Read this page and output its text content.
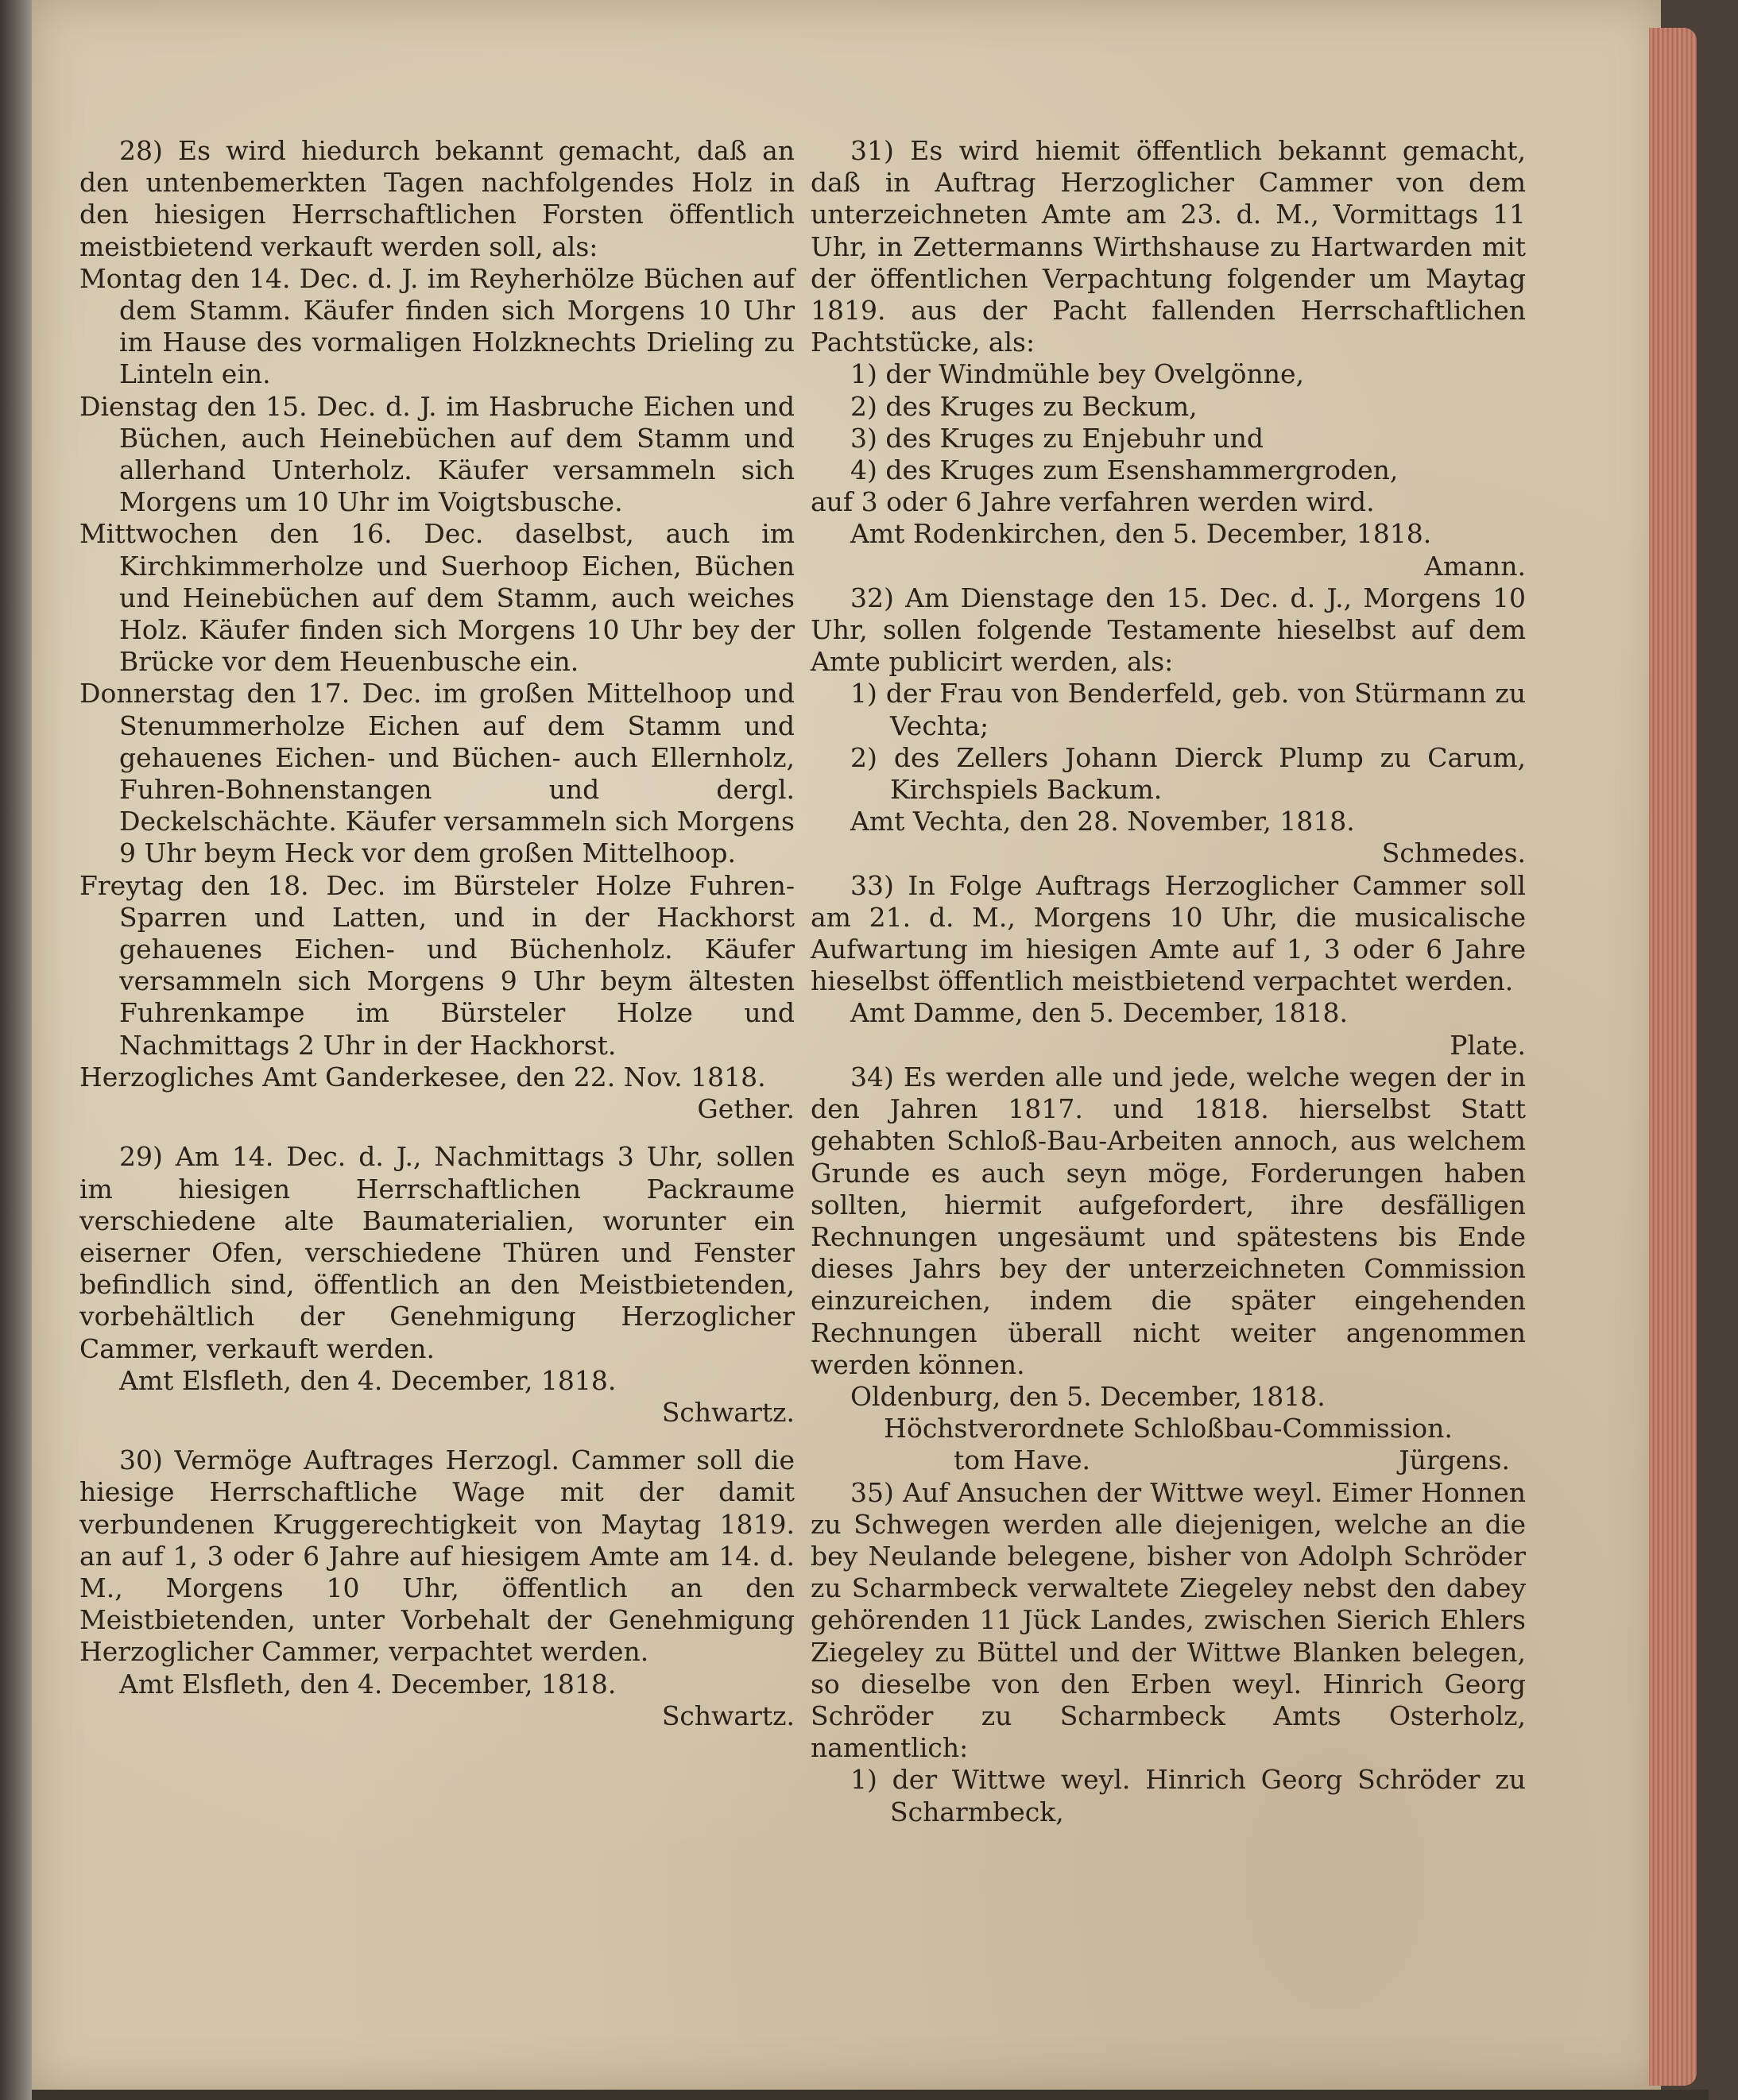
28) Es wird hiedurch bekannt gemacht, daß an den untenbemerkten Tagen nachfolgendes Holz in den hiesigen Herrschaftlichen Forsten öffentlich meistbietend verkauft werden soll, als:

Montag den 14. Dec. d. J. im Reyherhölze Büchen auf dem Stamm. Käufer finden sich Morgens 10 Uhr im Hause des vormaligen Holzknechts Drieling zu Linteln ein.

Dienstag den 15. Dec. d. J. im Hasbruche Eichen und Büchen, auch Heinebüchen auf dem Stamm und allerhand Unterholz. Käufer versammeln sich Morgens um 10 Uhr im Voigtsbusche.

Mittwochen den 16. Dec. daselbst, auch im Kirchkimmerholze und Suerhoop Eichen, Büchen und Heinebüchen auf dem Stamm, auch weiches Holz. Käufer finden sich Morgens 10 Uhr bey der Brücke vor dem Heuenbusche ein.

Donnerstag den 17. Dec. im großen Mittelhoop und Stenummerholze Eichen auf dem Stamm und gehauenes Eichen- und Büchen- auch Ellernholz, Fuhren-Bohnenstangen und dergl. Deckelschächte. Käufer versammeln sich Morgens 9 Uhr beym Heck vor dem großen Mittelhoop.

Freytag den 18. Dec. im Bürsteler Holze Fuhren-Sparren und Latten, und in der Hackhorst gehauenes Eichen- und Büchenholz. Käufer versammeln sich Morgens 9 Uhr beym ältesten Fuhrenkampe im Bürsteler Holze und Nachmittags 2 Uhr in der Hackhorst.

Herzogliches Amt Ganderkesee, den 22. Nov. 1818.

Gether.

29) Am 14. Dec. d. J., Nachmittags 3 Uhr, sollen im hiesigen Herrschaftlichen Packraume verschiedene alte Baumaterialien, worunter ein eiserner Ofen, verschiedene Thüren und Fenster befindlich sind, öffentlich an den Meistbietenden, vorbehältlich der Genehmigung Herzoglicher Cammer, verkauft werden.

Amt Elsfleth, den 4. December, 1818.

Schwartz.

30) Vermöge Auftrages Herzogl. Cammer soll die hiesige Herrschaftliche Wage mit der damit verbundenen Kruggerechtigkeit von Maytag 1819. an auf 1, 3 oder 6 Jahre auf hiesigem Amte am 14. d. M., Morgens 10 Uhr, öffentlich an den Meistbietenden, unter Vorbehalt der Genehmigung Herzoglicher Cammer, verpachtet werden.

Amt Elsfleth, den 4. December, 1818.

Schwartz.

31) Es wird hiemit öffentlich bekannt gemacht, daß in Auftrag Herzoglicher Cammer von dem unterzeichneten Amte am 23. d. M., Vormittags 11 Uhr, in Zettermanns Wirthshause zu Hartwarden mit der öffentlichen Verpachtung folgender um Maytag 1819. aus der Pacht fallenden Herrschaftlichen Pachtstücke, als:

1) der Windmühle bey Ovelgönne,

2) des Kruges zu Beckum,

3) des Kruges zu Enjebuhr und

4) des Kruges zum Esenshammergroden,

auf 3 oder 6 Jahre verfahren werden wird.

Amt Rodenkirchen, den 5. December, 1818.

Amann.

32) Am Dienstage den 15. Dec. d. J., Morgens 10 Uhr, sollen folgende Testamente hieselbst auf dem Amte publicirt werden, als:

1) der Frau von Benderfeld, geb. von Stürmann zu Vechta;

2) des Zellers Johann Dierck Plump zu Carum, Kirchspiels Backum.

Amt Vechta, den 28. November, 1818.

Schmedes.

33) In Folge Auftrags Herzoglicher Cammer soll am 21. d. M., Morgens 10 Uhr, die musicalische Aufwartung im hiesigen Amte auf 1, 3 oder 6 Jahre hieselbst öffentlich meistbietend verpachtet werden.

Amt Damme, den 5. December, 1818.

Plate.

34) Es werden alle und jede, welche wegen der in den Jahren 1817. und 1818. hierselbst Statt gehabten Schloß-Bau-Arbeiten annoch, aus welchem Grunde es auch seyn möge, Forderungen haben sollten, hiermit aufgefordert, ihre desfälligen Rechnungen ungesäumt und spätestens bis Ende dieses Jahrs bey der unterzeichneten Commission einzureichen, indem die später eingehenden Rechnungen überall nicht weiter angenommen werden können.

Oldenburg, den 5. December, 1818.

Höchstverordnete Schloßbau-Commission.

tom Have.	Jürgens.

35) Auf Ansuchen der Wittwe weyl. Eimer Honnen zu Schwegen werden alle diejenigen, welche an die bey Neulande belegene, bisher von Adolph Schröder zu Scharmbeck verwaltete Ziegeley nebst den dabey gehörenden 11 Jück Landes, zwischen Sierich Ehlers Ziegeley zu Büttel und der Wittwe Blanken belegen, so dieselbe von den Erben weyl. Hinrich Georg Schröder zu Scharmbeck Amts Osterholz, namentlich:

1) der Wittwe weyl. Hinrich Georg Schröder zu Scharmbeck,
